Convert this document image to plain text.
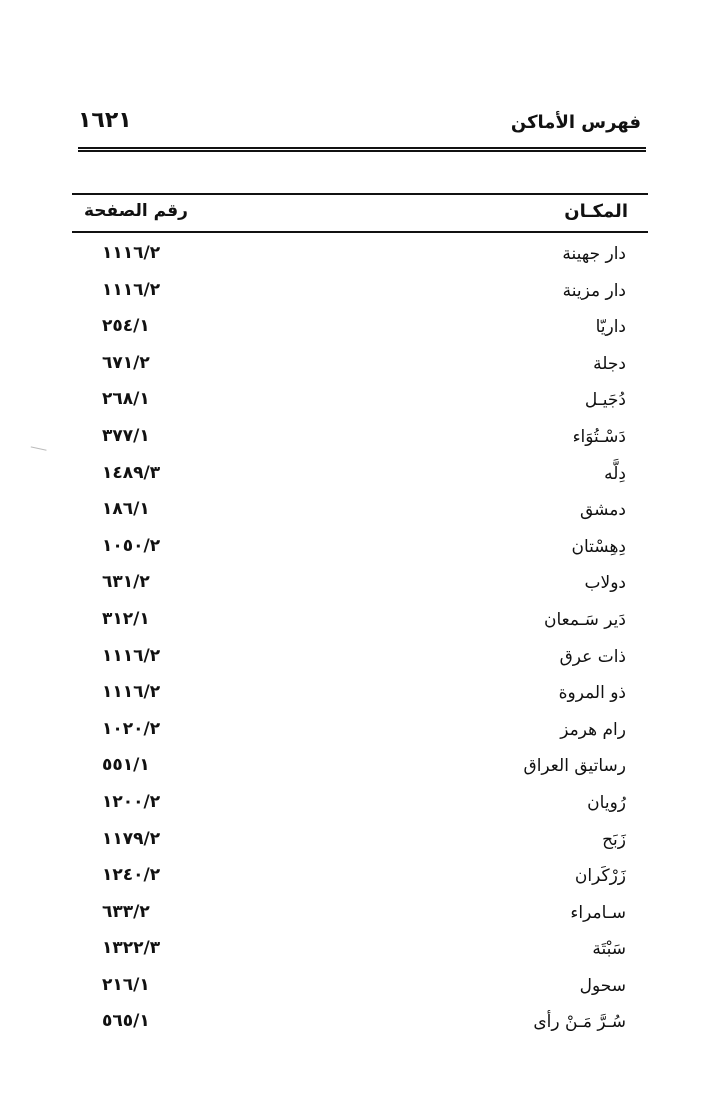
فهرس الأماكن
١٦٢١
المكـان
رقم الصفحة
دار جهينة
١١١٦/٢
دار مزينة
١١١٦/٢
داريّا
٢٥٤/١
دجلة
٦٧١/٢
دُجَيـل
٢٦٨/١
دَسْـتُوَاء
٣٧٧/١
دِلَّه
١٤٨٩/٣
دمشق
١٨٦/١
دِهِسْتان
١٠٥٠/٢
دولاب
٦٣١/٢
دَير سَـمعان
٣١٢/١
ذات عرق
١١١٦/٢
ذو المروة
١١١٦/٢
رام هرمز
١٠٢٠/٢
رساتيق العراق
٥٥١/١
رُويان
١٢٠٠/٢
زَبَح
١١٧٩/٢
زَرْكَران
١٢٤٠/٢
سـامراء
٦٣٣/٢
سَبْتَة
١٣٢٢/٣
سحول
٢١٦/١
سُـرَّ مَـنْ رأى
٥٦٥/١
